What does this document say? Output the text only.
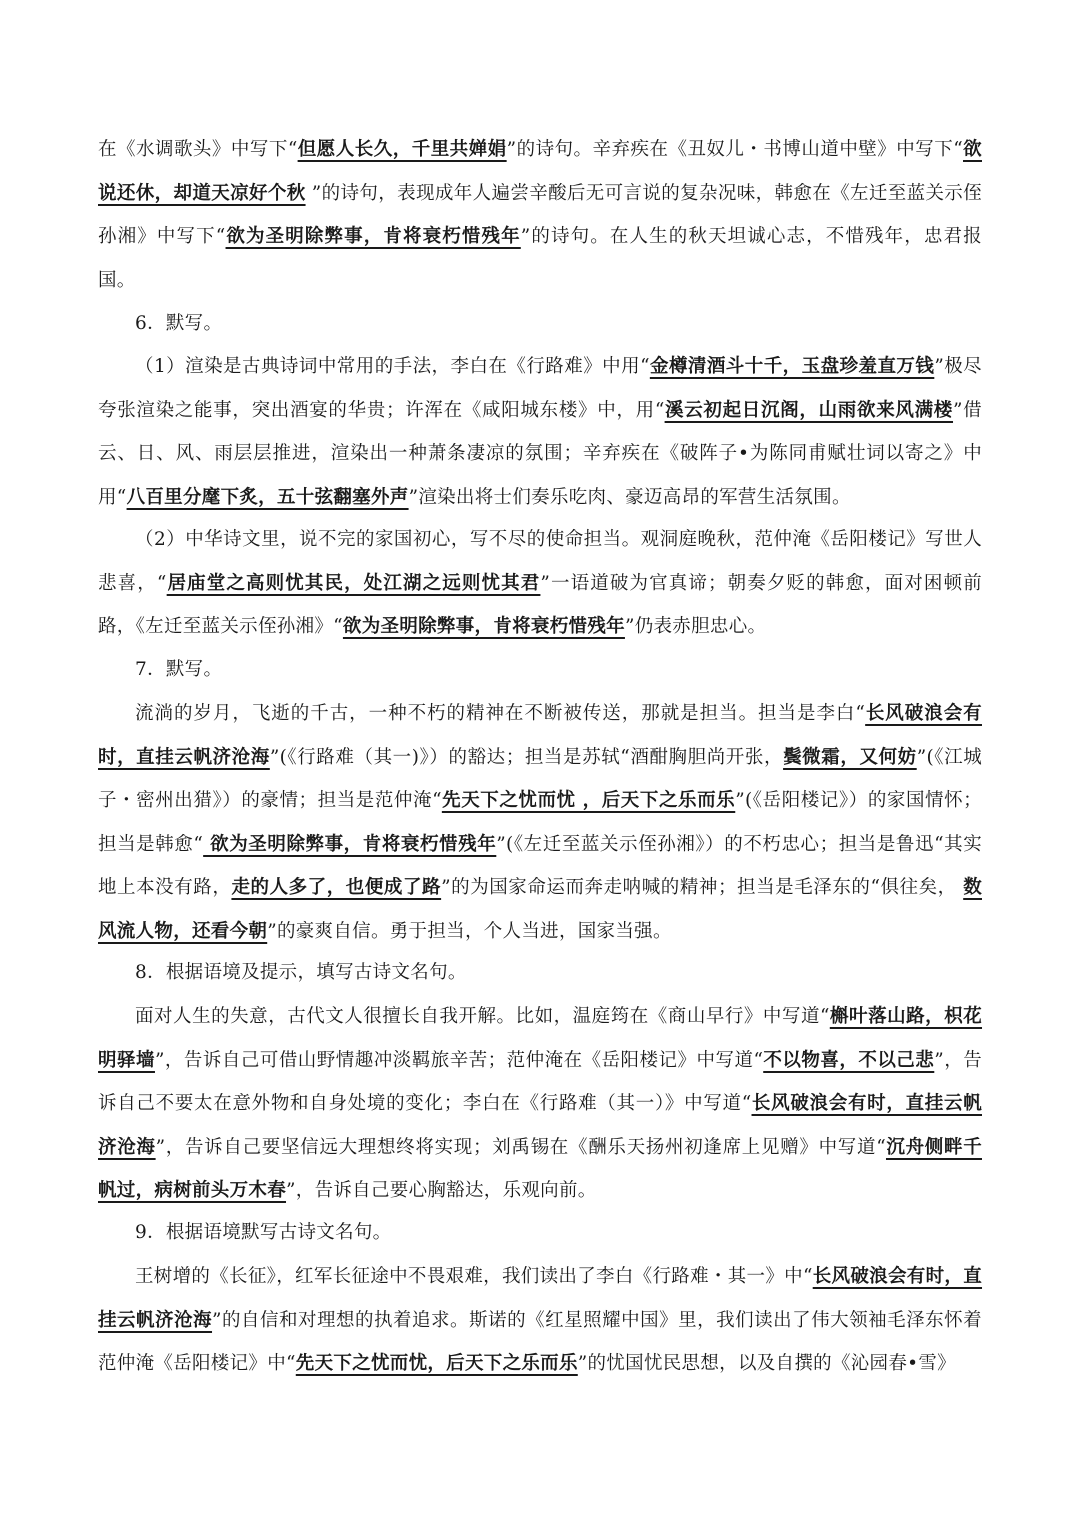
在《水调歌头》中写下“但愿人长久，千里共婵娟”的诗句。辛弃疾在《丑奴儿・书博山道中壁》中写下“欲说还休，却道天凉好个秋 ”的诗句，表现成年人遍尝辛酸后无可言说的复杂况味，韩愈在《左迁至蓝关示侄孙湘》中写下“欲为圣明除弊事，肯将衰朽惜残年”的诗句。在人生的秋天坦诚心志，不惜残年，忠君报国。

6．默写。

（1）渲染是古典诗词中常用的手法，李白在《行路难》中用“金樽清酒斗十千，玉盘珍羞直万钱”极尽夸张渲染之能事，突出酒宴的华贵；许浑在《咸阳城东楼》中，用“溪云初起日沉阁，山雨欲来风满楼”借云、日、风、雨层层推进，渲染出一种萧条凄凉的氛围；辛弃疾在《破阵子•为陈同甫赋壮词以寄之》中用“八百里分麾下炙，五十弦翻塞外声”渲染出将士们奏乐吃肉、豪迈高昂的军营生活氛围。

（2）中华诗文里，说不完的家国初心，写不尽的使命担当。观洞庭晚秋，范仲淹《岳阳楼记》写世人悲喜，“居庙堂之高则忧其民，处江湖之远则忧其君”一语道破为官真谛；朝奏夕贬的韩愈，面对困顿前路，《左迁至蓝关示侄孙湘》“欲为圣明除弊事，肯将衰朽惜残年”仍表赤胆忠心。

7．默写。

流淌的岁月，飞逝的千古，一种不朽的精神在不断被传送，那就是担当。担当是李白“长风破浪会有时，直挂云帆济沧海”(《行路难（其一)》）的豁达；担当是苏轼“酒酣胸胆尚开张，鬓微霜，又何妨”(《江城子・密州出猎》）的豪情；担当是范仲淹“先天下之忧而忧 ，后天下之乐而乐”(《岳阳楼记》）的家国情怀；担当是韩愈“ 欲为圣明除弊事，肯将衰朽惜残年”(《左迁至蓝关示侄孙湘》）的不朽忠心；担当是鲁迅“其实地上本没有路，走的人多了，也便成了路”的为国家命运而奔走呐喊的精神；担当是毛泽东的“俱往矣， 数风流人物，还看今朝”的豪爽自信。勇于担当，个人当进，国家当强。

8．根据语境及提示，填写古诗文名句。

面对人生的失意，古代文人很擅长自我开解。比如，温庭筠在《商山早行》中写道“槲叶落山路，枳花明驿墙”，告诉自己可借山野情趣冲淡羁旅辛苦；范仲淹在《岳阳楼记》中写道“不以物喜，不以己悲”，告诉自己不要太在意外物和自身处境的变化；李白在《行路难（其一）》中写道“长风破浪会有时，直挂云帆济沧海”，告诉自己要坚信远大理想终将实现；刘禹锡在《酬乐天扬州初逢席上见赠》中写道“沉舟侧畔千帆过，病树前头万木春”，告诉自己要心胸豁达，乐观向前。

9．根据语境默写古诗文名句。

王树增的《长征》，红军长征途中不畏艰难，我们读出了李白《行路难・其一》中“长风破浪会有时，直挂云帆济沧海”的自信和对理想的执着追求。斯诺的《红星照耀中国》里，我们读出了伟大领袖毛泽东怀着范仲淹《岳阳楼记》中“先天下之忧而忧，后天下之乐而乐”的忧国忧民思想，以及自撰的《沁园春•雪》
